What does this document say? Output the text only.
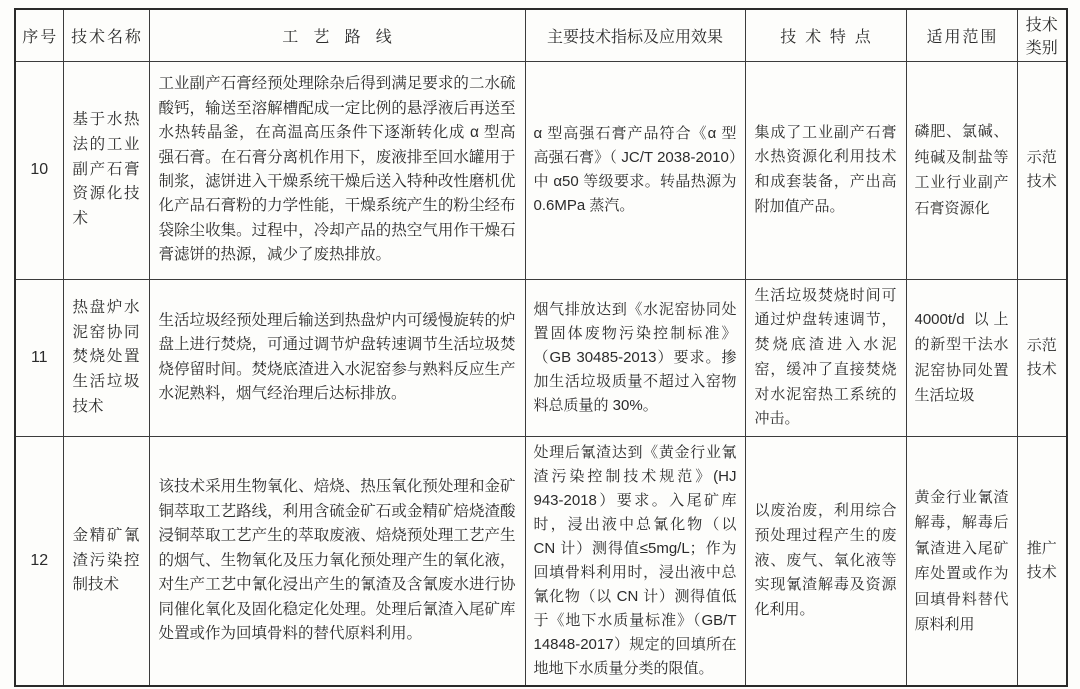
序号	技术名称	工艺路线	主要技术指标及应用效果	技术特点	适用范围	技术类别
10	基于水热法的工业副产石膏资源化技术	工业副产石膏经预处理除杂后得到满足要求的二水硫酸钙，输送至溶解槽配成一定比例的悬浮液后再送至水热转晶釜，在高温高压条件下逐渐转化成 α 型高强石膏。在石膏分离机作用下，废液排至回水罐用于制浆，滤饼进入干燥系统干燥后送入特种改性磨机优化产品石膏粉的力学性能，干燥系统产生的粉尘经布袋除尘收集。过程中，冷却产品的热空气用作干燥石膏滤饼的热源，减少了废热排放。	α 型高强石膏产品符合《α 型高强石膏》（ JC/T 2038-2010）中 α50 等级要求。转晶热源为 0.6MPa 蒸汽。	集成了工业副产石膏水热资源化利用技术和成套装备，产出高附加值产品。	磷肥、氯碱、纯碱及制盐等工业行业副产石膏资源化	示范技术
11	热盘炉水泥窑协同焚烧处置生活垃圾技术	生活垃圾经预处理后输送到热盘炉内可缓慢旋转的炉盘上进行焚烧，可通过调节炉盘转速调节生活垃圾焚烧停留时间。焚烧底渣进入水泥窑参与熟料反应生产水泥熟料，烟气经治理后达标排放。	烟气排放达到《水泥窑协同处置固体废物污染控制标准》（GB 30485-2013）要求。掺加生活垃圾质量不超过入窑物料总质量的 30%。	生活垃圾焚烧时间可通过炉盘转速调节，焚烧底渣进入水泥窑，缓冲了直接焚烧对水泥窑热工系统的冲击。	4000t/d 以上的新型干法水泥窑协同处置生活垃圾	示范技术
12	金精矿氰渣污染控制技术	该技术采用生物氧化、焙烧、热压氧化预处理和金矿铜萃取工艺路线，利用含硫金矿石或金精矿焙烧渣酸浸铜萃取工艺产生的萃取废液、焙烧预处理工艺产生的烟气、生物氧化及压力氧化预处理产生的氧化液，对生产工艺中氰化浸出产生的氰渣及含氰废水进行协同催化氧化及固化稳定化处理。处理后氰渣入尾矿库处置或作为回填骨料的替代原料利用。	处理后氰渣达到《黄金行业氰渣污染控制技术规范》(HJ 943-2018）要求。入尾矿库时，浸出液中总氰化物（以 CN 计）测得值≤5mg/L；作为回填骨料利用时，浸出液中总氰化物（以 CN 计）测得值低于《地下水质量标准》（GB/T 14848-2017）规定的回填所在地地下水质量分类的限值。	以废治废，利用综合预处理过程产生的废液、废气、氧化液等实现氰渣解毒及资源化利用。	黄金行业氰渣解毒，解毒后氰渣进入尾矿库处置或作为回填骨料替代原料利用	推广技术
